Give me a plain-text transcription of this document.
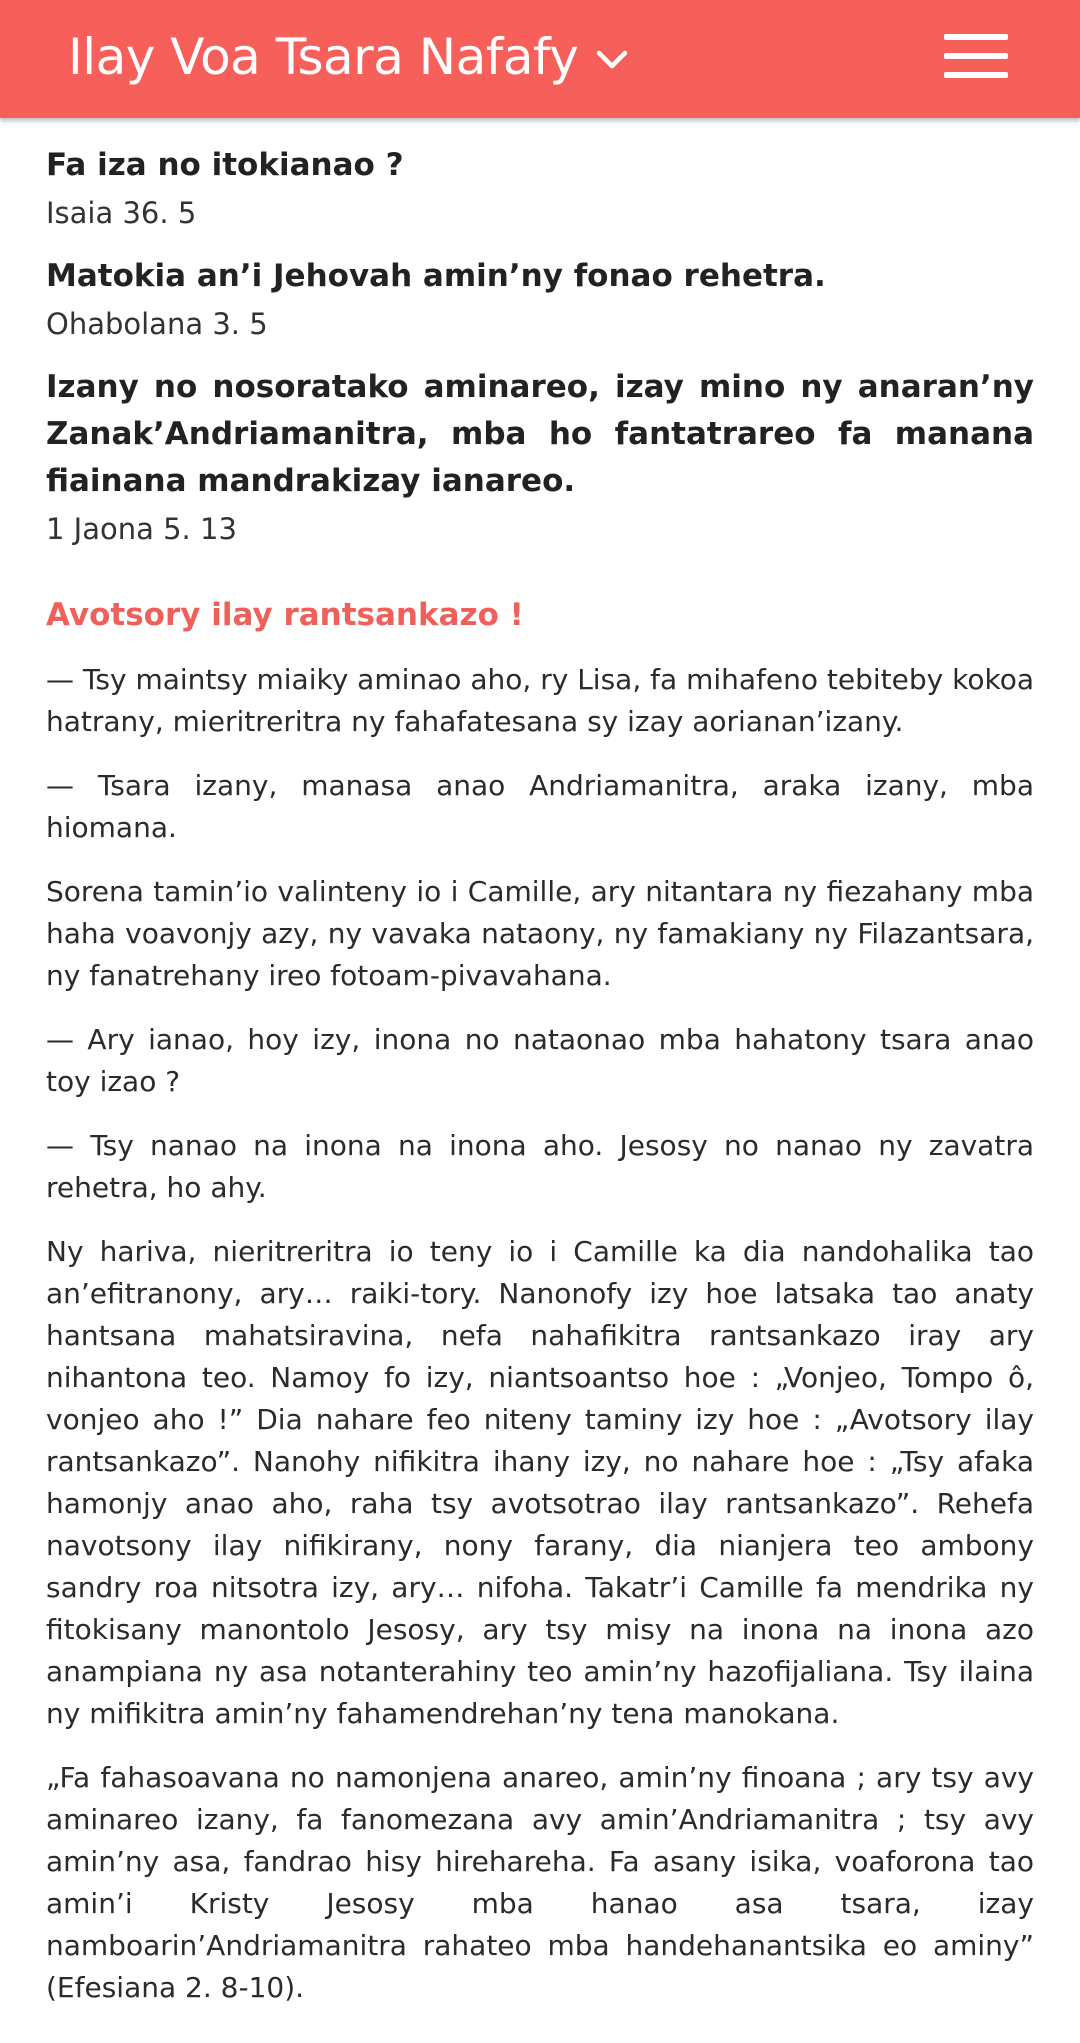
Ilay Voa Tsara Nafafy

Fa iza no itokianao ?

Isaia 36. 5

Matokia an’i Jehovah amin’ny fonao rehetra.

Ohabolana 3. 5

Izany no nosoratako aminareo, izay mino ny anaran’ny Zanak’Andriamanitra, mba ho fantatrareo fa manana fiainana mandrakizay ianareo.

1 Jaona 5. 13
Avotsory ilay rantsankazo !

— Tsy maintsy miaiky aminao aho, ry Lisa, fa mihafeno tebiteby kokoa hatrany, mieritreritra ny fahafatesana sy izay aorianan’izany.

— Tsara izany, manasa anao Andriamanitra, araka izany, mba hiomana.

Sorena tamin’io valinteny io i Camille, ary nitantara ny fiezahany mba haha voavonjy azy, ny vavaka nataony, ny famakiany ny Filazantsara, ny fanatrehany ireo fotoam-pivavahana.

— Ary ianao, hoy izy, inona no nataonao mba hahatony tsara anao toy izao ?

— Tsy nanao na inona na inona aho. Jesosy no nanao ny zavatra rehetra, ho ahy.

Ny hariva, nieritreritra io teny io i Camille ka dia nandohalika tao an’efitranony, ary… raiki-tory. Nanonofy izy hoe latsaka tao anaty hantsana mahatsiravina, nefa nahafikitra rantsankazo iray ary nihantona teo. Namoy fo izy, niantsoantso hoe : „Vonjeo, Tompo ô, vonjeo aho !” Dia nahare feo niteny taminy izy hoe : „Avotsory ilay rantsankazo”. Nanohy nifikitra ihany izy, no nahare hoe : „Tsy afaka hamonjy anao aho, raha tsy avotsotrao ilay rantsankazo”. Rehefa navotsony ilay nifikirany, nony farany, dia nianjera teo ambony sandry roa nitsotra izy, ary… nifoha. Takatr’i Camille fa mendrika ny fitokisany manontolo Jesosy, ary tsy misy na inona na inona azo anampiana ny asa notanterahiny teo amin’ny hazofijaliana. Tsy ilaina ny mifikitra amin’ny fahamendrehan’ny tena manokana.

„Fa fahasoavana no namonjena anareo, amin’ny finoana ; ary tsy avy aminareo izany, fa fanomezana avy amin’Andriamanitra ; tsy avy amin’ny asa, fandrao hisy hirehareha. Fa asany isika, voaforona tao amin’i Kristy Jesosy mba hanao asa tsara, izay namboarin’Andriamanitra rahateo mba handehanantsika eo aminy” (Efesiana 2. 8-10).
